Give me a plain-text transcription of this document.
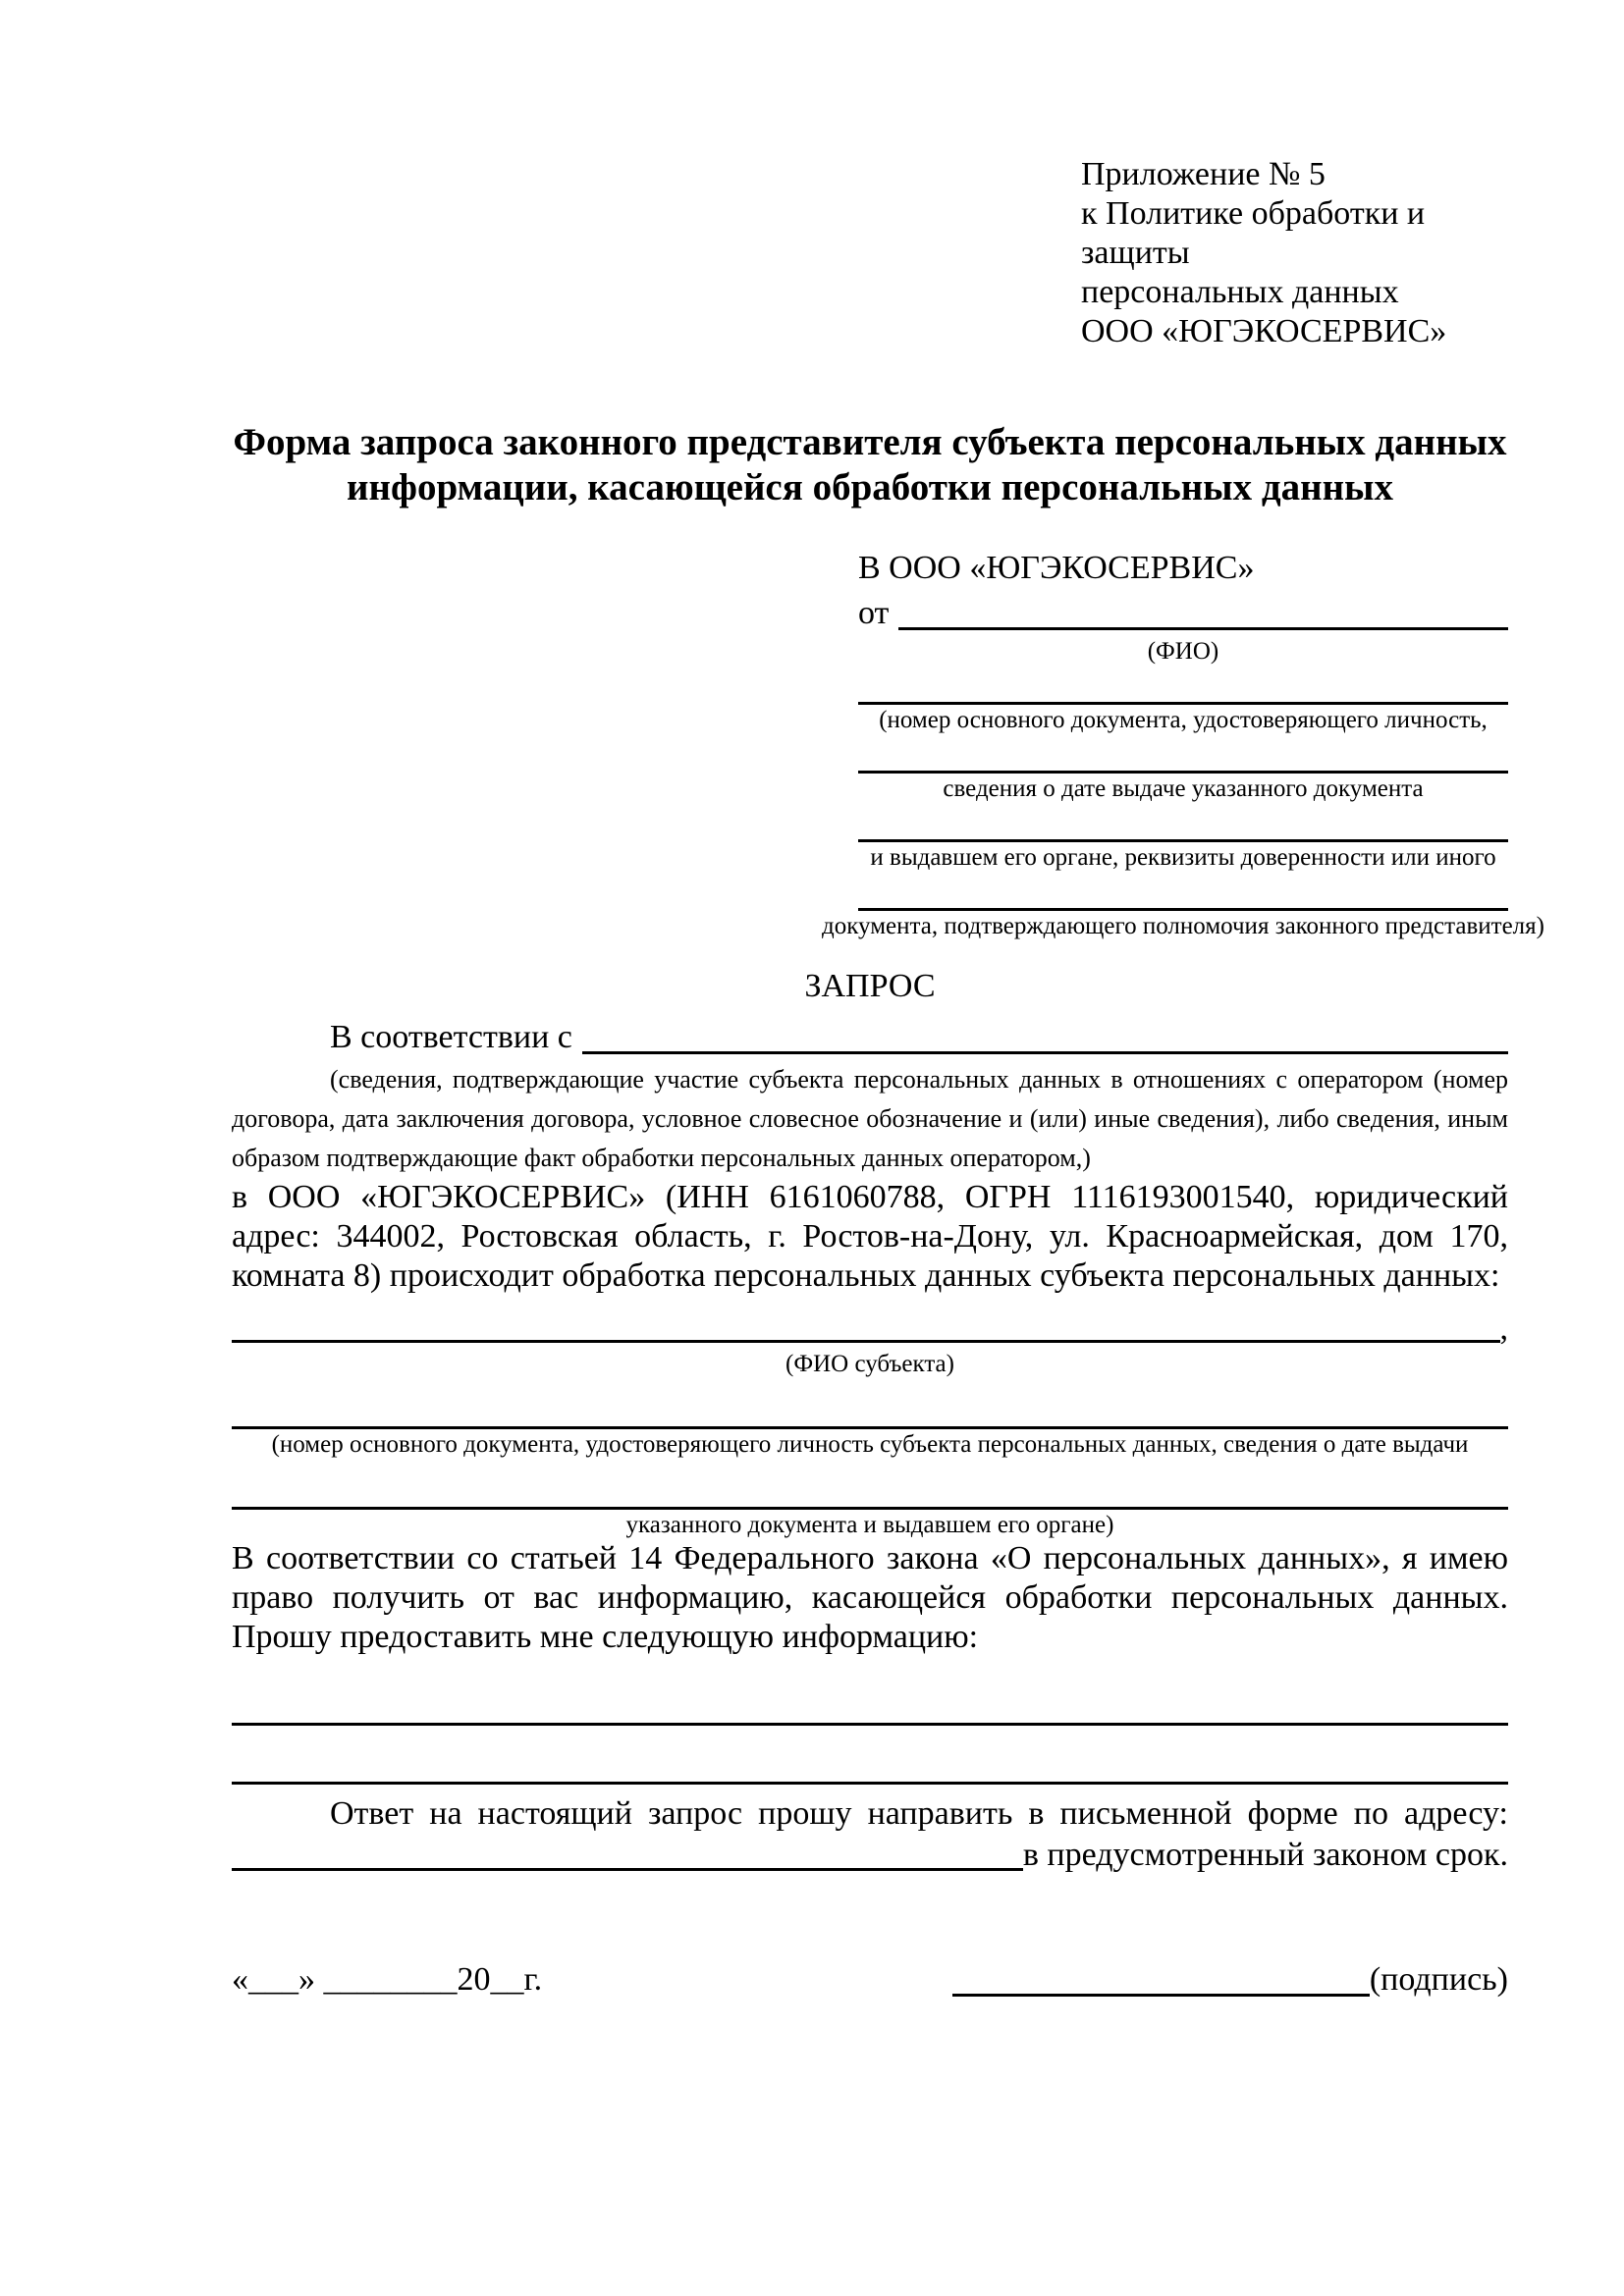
Приложение № 5
к Политике обработки и защиты
персональных данных
ООО «ЮГЭКОСЕРВИС»
Форма запроса законного представителя субъекта персональных данных
информации, касающейся обработки персональных данных
В ООО «ЮГЭКОСЕРВИС»
от
(ФИО)
(номер основного документа, удостоверяющего личность,
сведения о дате выдаче указанного документа
и выдавшем его органе, реквизиты доверенности или иного
документа, подтверждающего полномочия законного представителя)
ЗАПРОС
В соответствии с
(сведения, подтверждающие участие субъекта персональных данных в отношениях с оператором (номер договора, дата заключения договора, условное словесное обозначение и (или) иные сведения), либо сведения, иным образом подтверждающие факт обработки персональных данных оператором,)
в ООО «ЮГЭКОСЕРВИС» (ИНН 6161060788, ОГРН 1116193001540, юридический адрес: 344002, Ростовская область, г. Ростов-на-Дону, ул. Красноармейская, дом 170, комната 8) происходит обработка персональных данных субъекта персональных данных:
,
(ФИО субъекта)
(номер основного документа, удостоверяющего личность субъекта персональных данных, сведения о дате выдачи
указанного документа и выдавшем его органе)
В соответствии со статьей 14 Федерального закона «О персональных данных», я имею право получить от вас информацию, касающейся обработки персональных данных. Прошу предоставить мне следующую информацию:
Ответ на настоящий запрос прошу направить в письменной форме по адресу:
в предусмотренный законом срок.
«___» ________20__г.	(подпись)
